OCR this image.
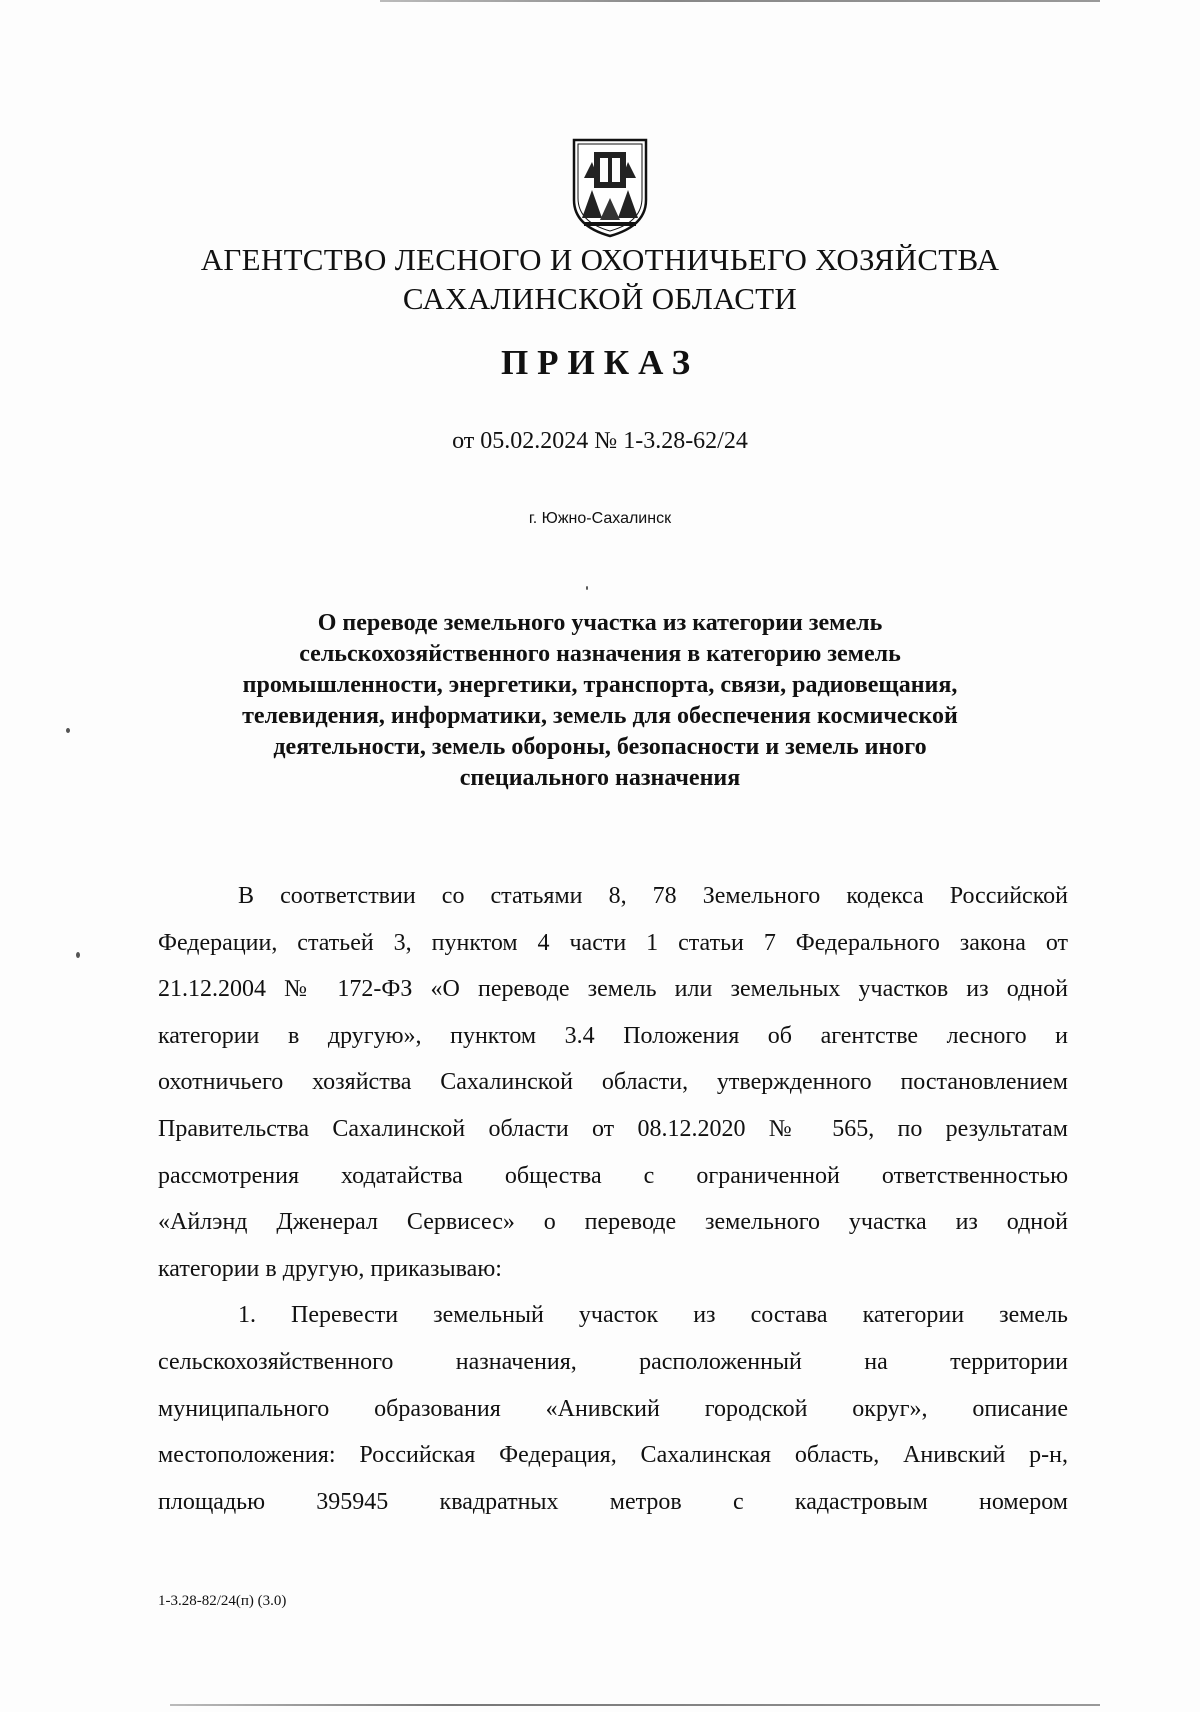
АГЕНТСТВО ЛЕСНОГО И ОХОТНИЧЬЕГО ХОЗЯЙСТВА
САХАЛИНСКОЙ ОБЛАСТИ
ПРИКАЗ
от 05.02.2024 № 1-3.28-62/24
г. Южно-Сахалинск
О переводе земельного участка из категории земель
сельскохозяйственного назначения в категорию земель
промышленности, энергетики, транспорта, связи, радиовещания,
телевидения, информатики, земель для обеспечения космической
деятельности, земель обороны, безопасности и земель иного
специального назначения
В соответствии со статьями 8, 78 Земельного кодекса Российской
Федерации, статьей 3, пунктом 4 части 1 статьи 7 Федерального закона от
21.12.2004 № 172-ФЗ «О переводе земель или земельных участков из одной
категории в другую», пунктом 3.4 Положения об агентстве лесного и
охотничьего хозяйства Сахалинской области, утвержденного постановлением
Правительства Сахалинской области от 08.12.2020 № 565, по результатам
рассмотрения ходатайства общества с ограниченной ответственностью
«Айлэнд Дженерал Сервисес» о переводе земельного участка из одной
категории в другую, приказываю:
1. Перевести земельный участок из состава категории земель
сельскохозяйственного назначения, расположенный на территории
муниципального образования «Анивский городской округ», описание
местоположения: Российская Федерация, Сахалинская область, Анивский р-н,
площадью 395945 квадратных метров с кадастровым номером
1-3.28-82/24(п) (3.0)
